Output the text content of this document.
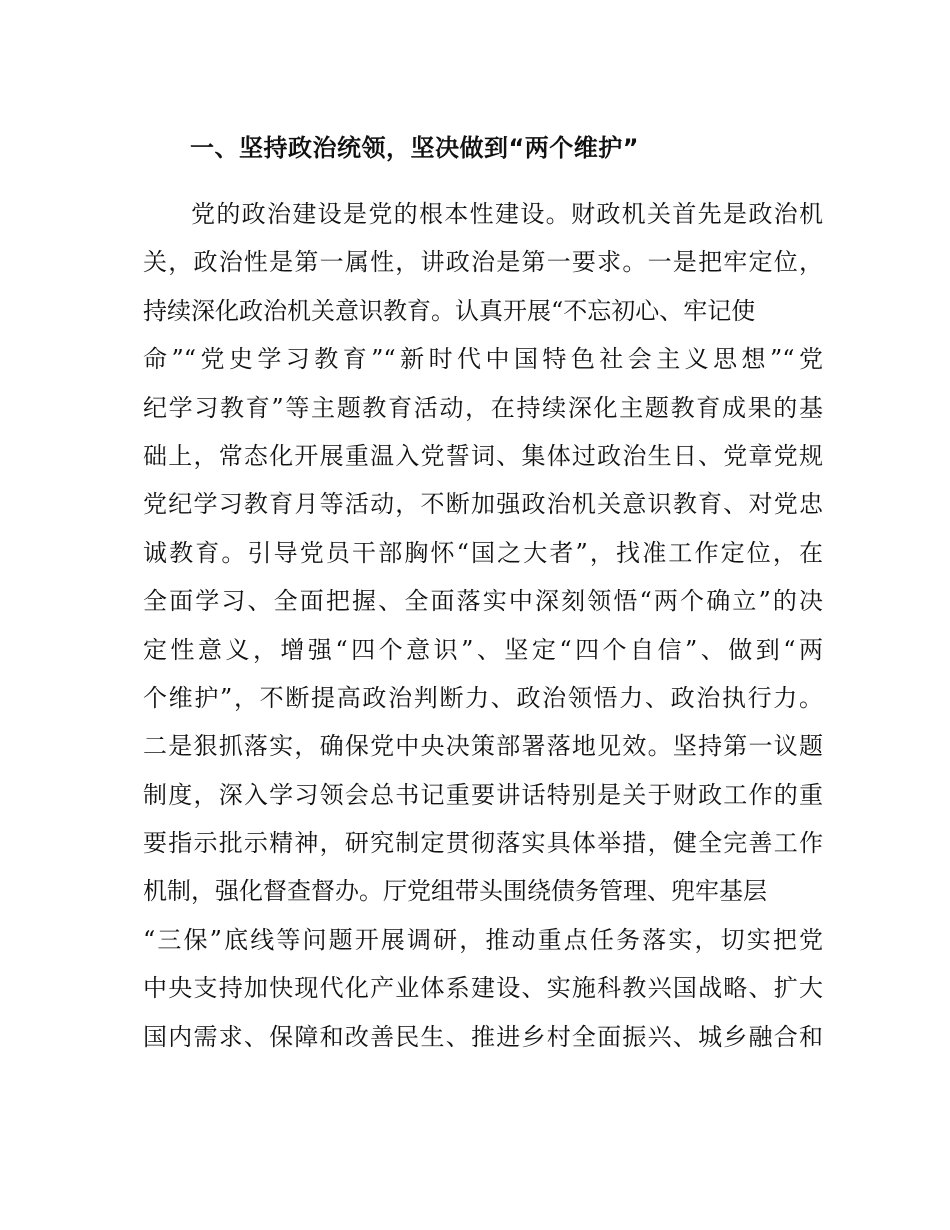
一、坚持政治统领，坚决做到“两个维护”
党的政治建设是党的根本性建设。财政机关首先是政治机
关，政治性是第一属性，讲政治是第一要求。一是把牢定位，
持续深化政治机关意识教育。认真开展“不忘初心、牢记使
命”“党史学习教育”“新时代中国特色社会主义思想”“党
纪学习教育”等主题教育活动，在持续深化主题教育成果的基
础上，常态化开展重温入党誓词、集体过政治生日、党章党规
党纪学习教育月等活动，不断加强政治机关意识教育、对党忠
诚教育。引导党员干部胸怀“国之大者”，找准工作定位，在
全面学习、全面把握、全面落实中深刻领悟“两个确立”的决
定性意义，增强“四个意识”、坚定“四个自信”、做到“两
个维护”，不断提高政治判断力、政治领悟力、政治执行力。
二是狠抓落实，确保党中央决策部署落地见效。坚持第一议题
制度，深入学习领会总书记重要讲话特别是关于财政工作的重
要指示批示精神，研究制定贯彻落实具体举措，健全完善工作
机制，强化督查督办。厅党组带头围绕债务管理、兜牢基层
“三保”底线等问题开展调研，推动重点任务落实，切实把党
中央支持加快现代化产业体系建设、实施科教兴国战略、扩大
国内需求、保障和改善民生、推进乡村全面振兴、城乡融合和
